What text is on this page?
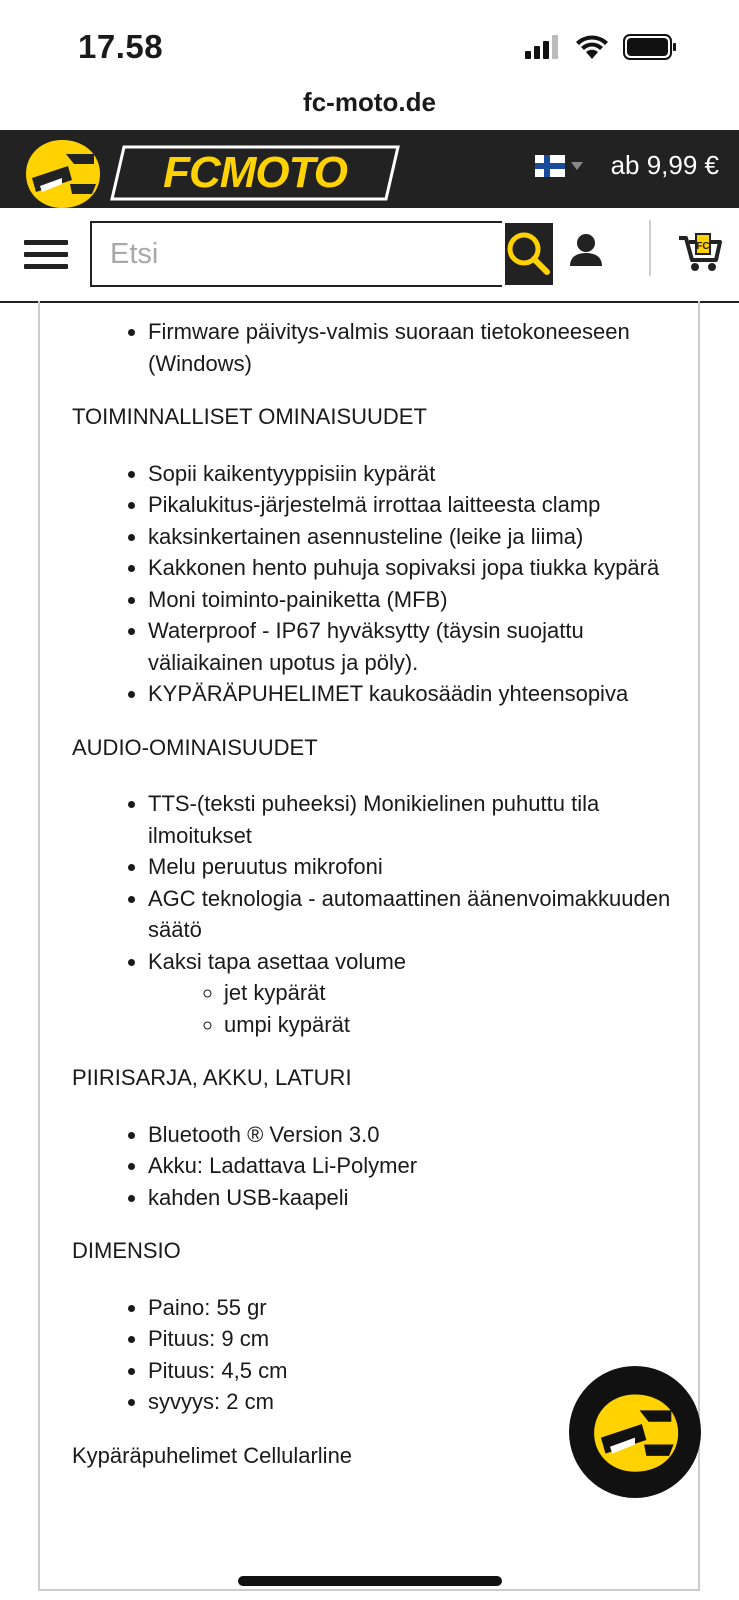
17.58
fc-moto.de
FCMOTO	ab 9,99 €
Etsi
FC
• Firmware päivitys-valmis suoraan tietokoneeseen (Windows)
TOIMINNALLISET OMINAISUUDET
• Sopii kaikentyyppisiin kypärät
• Pikalukitus-järjestelmä irrottaa laitteesta clamp
• kaksinkertainen asennusteline (leike ja liima)
• Kakkonen hento puhuja sopivaksi jopa tiukka kypärä
• Moni toiminto-painiketta (MFB)
• Waterproof - IP67 hyväksytty (täysin suojattu väliaikainen upotus ja pöly).
• KYPÄRÄPUHELIMET kaukosäädin yhteensopiva
AUDIO-OMINAISUUDET
• TTS-(teksti puheeksi) Monikielinen puhuttu tila ilmoitukset
• Melu peruutus mikrofoni
• AGC teknologia - automaattinen äänenvoimakkuuden säätö
• Kaksi tapa asettaa volume
◦ jet kypärät
◦ umpi kypärät
PIIRISARJA, AKKU, LATURI
• Bluetooth ® Version 3.0
• Akku: Ladattava Li-Polymer
• kahden USB-kaapeli
DIMENSIO
• Paino: 55 gr
• Pituus: 9 cm
• Pituus: 4,5 cm
• syvyys: 2 cm
Kypäräpuhelimet Cellularline
